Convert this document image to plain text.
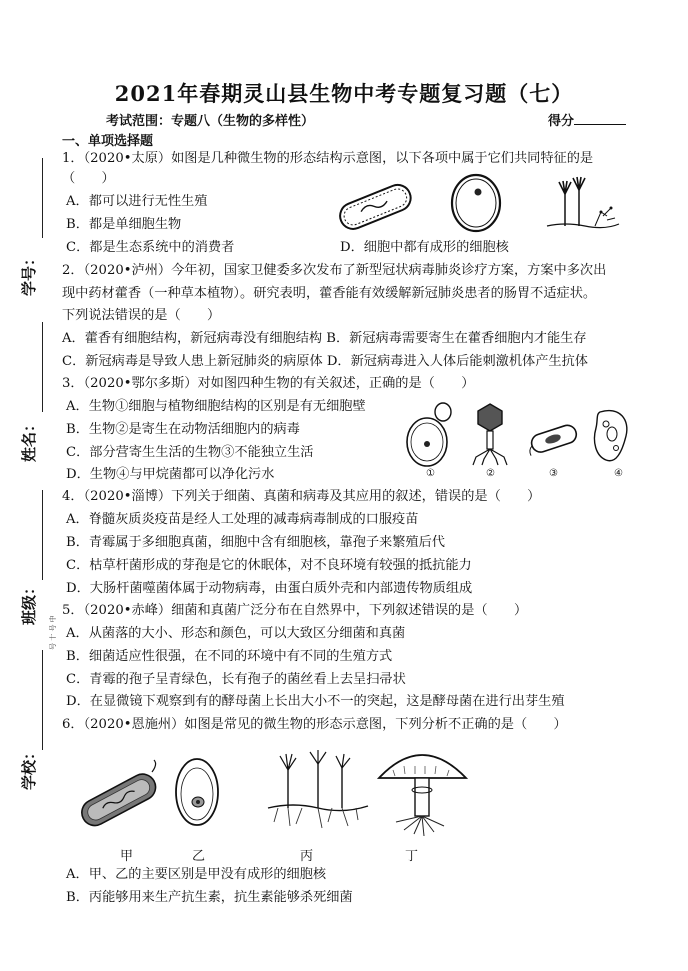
学号：
姓名：
班级：
号 十 号 中
学校：
2021年春期灵山县生物中考专题复习题（七）
考试范围：专题八（生物的多样性）	得分
一、单项选择题
1．（2020•太原）如图是几种微生物的形态结构示意图，以下各项中属于它们共同特征的是
（　　）
A．都可以进行无性生殖
B．都是单细胞生物
C．都是生态系统中的消费者	D．细胞中都有成形的细胞核
2．（2020•泸州）今年初，国家卫健委多次发布了新型冠状病毒肺炎诊疗方案，方案中多次出
现中药材藿香（一种草本植物）。研究表明，藿香能有效缓解新冠肺炎患者的肠胃不适症状。
下列说法错误的是（　　）
A．藿香有细胞结构，新冠病毒没有细胞结构 B．新冠病毒需要寄生在藿香细胞内才能生存
C．新冠病毒是导致人患上新冠肺炎的病原体 D．新冠病毒进入人体后能刺激机体产生抗体
3．（2020•鄂尔多斯）对如图四种生物的有关叙述，正确的是（　　）
A．生物①细胞与植物细胞结构的区别是有无细胞壁
B．生物②是寄生在动物活细胞内的病毒
C．部分营寄生生活的生物③不能独立生活
D．生物④与甲烷菌都可以净化污水	①	②	③	④
4．（2020•淄博）下列关于细菌、真菌和病毒及其应用的叙述，错误的是（　　）
A．脊髓灰质炎疫苗是经人工处理的减毒病毒制成的口服疫苗
B．青霉属于多细胞真菌，细胞中含有细胞核，靠孢子来繁殖后代
C．枯草杆菌形成的芽孢是它的休眠体，对不良环境有较强的抵抗能力
D．大肠杆菌噬菌体属于动物病毒，由蛋白质外壳和内部遗传物质组成
5．（2020•赤峰）细菌和真菌广泛分布在自然界中，下列叙述错误的是（　　）
A．从菌落的大小、形态和颜色，可以大致区分细菌和真菌
B．细菌适应性很强，在不同的环境中有不同的生殖方式
C．青霉的孢子呈青绿色，长有孢子的菌丝看上去呈扫帚状
D．在显微镜下观察到有的酵母菌上长出大小不一的突起，这是酵母菌在进行出芽生殖
6．（2020•恩施州）如图是常见的微生物的形态示意图，下列分析不正确的是（　　）
甲	乙	丙	丁
A．甲、乙的主要区别是甲没有成形的细胞核
B．丙能够用来生产抗生素，抗生素能够杀死细菌
